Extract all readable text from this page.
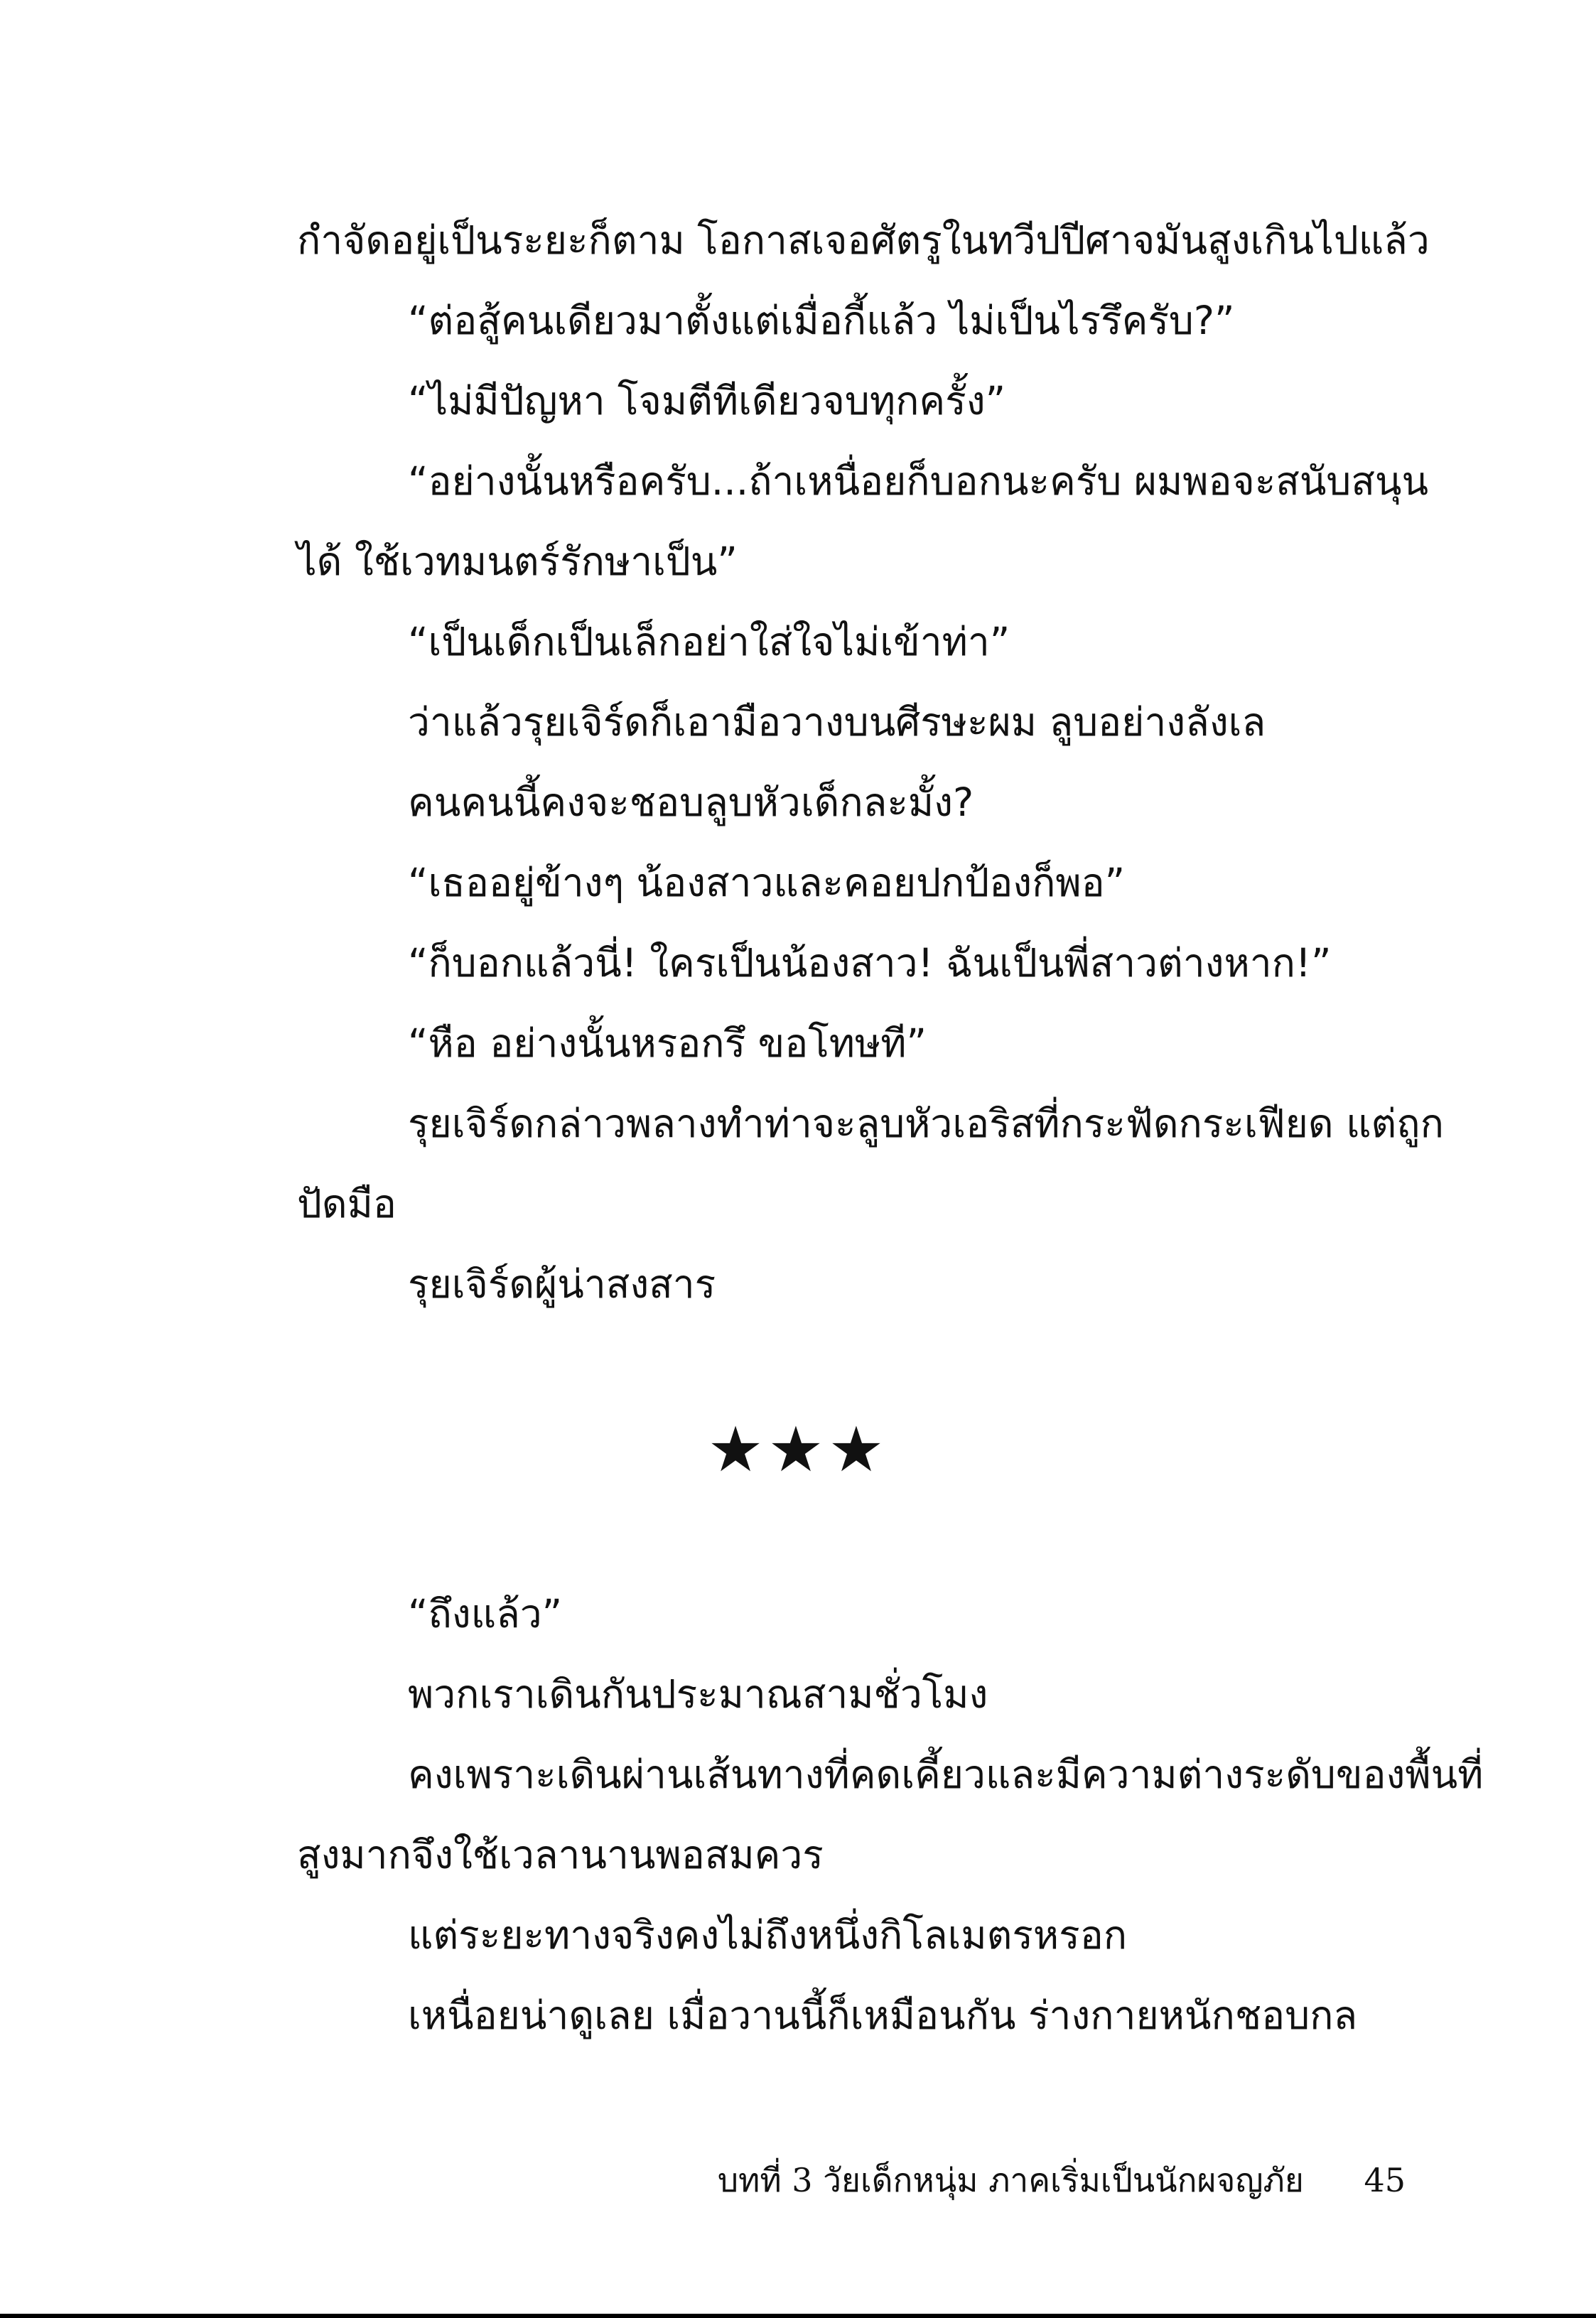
กำจัดอยู่เป็นระยะก็ตาม โอกาสเจอศัตรูในทวีปปีศาจมันสูงเกินไปแล้ว
“ต่อสู้คนเดียวมาตั้งแต่เมื่อกี้แล้ว ไม่เป็นไรรึครับ?”
“ไม่มีปัญหา โจมตีทีเดียวจบทุกครั้ง”
“อย่างนั้นหรือครับ...ถ้าเหนื่อยก็บอกนะครับ ผมพอจะสนับสนุน
ได้ ใช้เวทมนตร์รักษาเป็น”
“เป็นเด็กเป็นเล็กอย่าใส่ใจไม่เข้าท่า”
ว่าแล้วรุยเจิร์ดก็เอามือวางบนศีรษะผม ลูบอย่างลังเล
คนคนนี้คงจะชอบลูบหัวเด็กละมั้ง?
“เธออยู่ข้างๆ น้องสาวและคอยปกป้องก็พอ”
“ก็บอกแล้วนี่! ใครเป็นน้องสาว! ฉันเป็นพี่สาวต่างหาก!”
“หือ อย่างนั้นหรอกรึ ขอโทษที”
รุยเจิร์ดกล่าวพลางทำท่าจะลูบหัวเอริสที่กระฟัดกระเฟียด แต่ถูก
ปัดมือ
รุยเจิร์ดผู้น่าสงสาร
★★★
“ถึงแล้ว”
พวกเราเดินกันประมาณสามชั่วโมง
คงเพราะเดินผ่านเส้นทางที่คดเคี้ยวและมีความต่างระดับของพื้นที่
สูงมากจึงใช้เวลานานพอสมควร
แต่ระยะทางจริงคงไม่ถึงหนึ่งกิโลเมตรหรอก
เหนื่อยน่าดูเลย เมื่อวานนี้ก็เหมือนกัน ร่างกายหนักชอบกล
บทที่ 3 วัยเด็กหนุ่ม ภาคเริ่มเป็นนักผจญภัย 45
